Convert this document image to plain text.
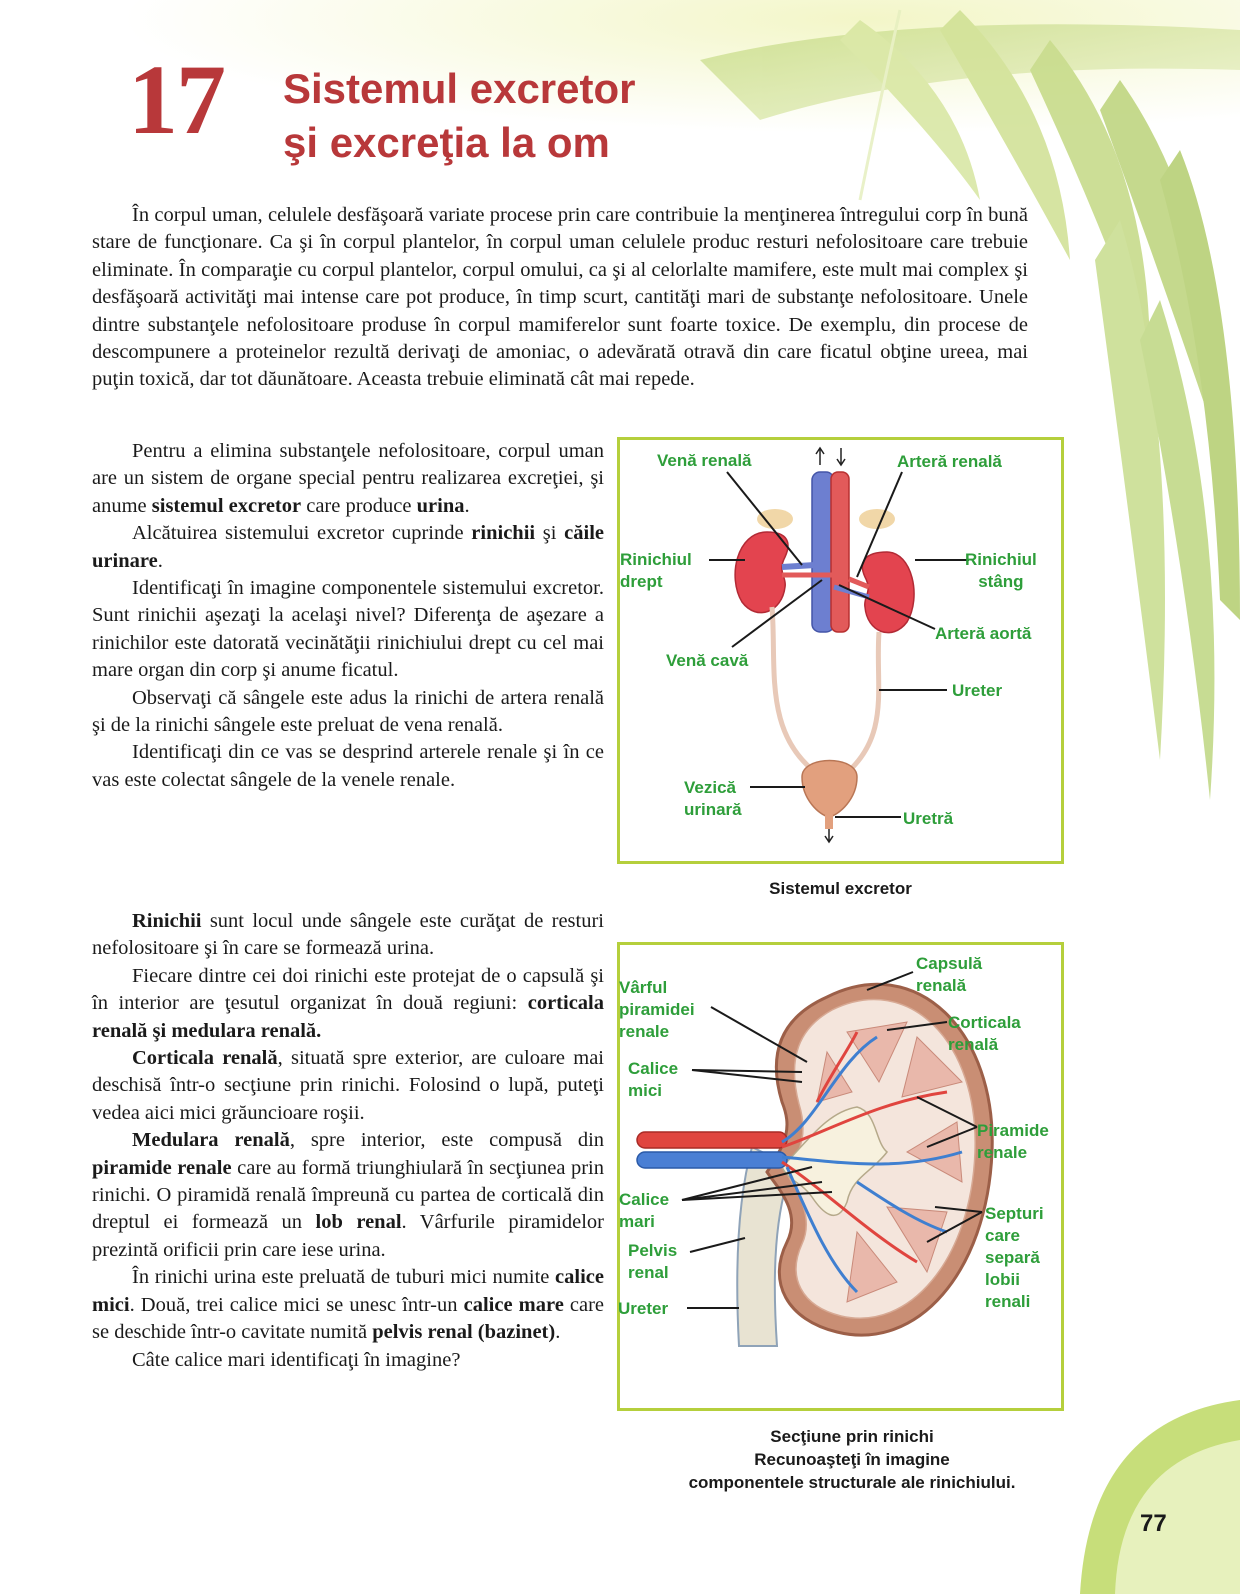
17 Sistemul excretor
şi excreţia la om

În corpul uman, celulele desfăşoară variate procese prin care contribuie la menţinerea întregului corp în bună stare de funcţionare. Ca şi în corpul plantelor, în corpul uman celulele produc resturi nefolositoare care trebuie eliminate. În comparaţie cu corpul plantelor, corpul omului, ca şi al celorlalte mamifere, este mult mai complex şi desfăşoară activităţi mai intense care pot produce, în timp scurt, cantităţi mari de substanţe nefolositoare. Unele dintre substanţele nefolositoare produse în corpul mamiferelor sunt foarte toxice. De exemplu, din procese de descompunere a proteinelor rezultă derivaţi de amoniac, o adevărată otravă din care ficatul obţine ureea, mai puţin toxică, dar tot dăunătoare. Aceasta trebuie eliminată cât mai repede.

Pentru a elimina substanţele nefolositoare, corpul uman are un sistem de organe special pentru realizarea excreţiei, şi anume sistemul excretor care produce urina.

Alcătuirea sistemului excretor cuprinde rinichii şi căile urinare.

Identificaţi în imagine componentele sistemului excretor. Sunt rinichii aşezaţi la acelaşi nivel? Diferenţa de aşezare a rinichilor este datorată vecinătăţii rinichiului drept cu cel mai mare organ din corp şi anume ficatul.

Observaţi că sângele este adus la rinichi de artera renală şi de la rinichi sângele este preluat de vena renală.

Identificaţi din ce vas se desprind arterele renale şi în ce vas este colectat sângele de la venele renale.

Rinichii sunt locul unde sângele este curăţat de resturi nefolositoare şi în care se formează urina.

Fiecare dintre cei doi rinichi este protejat de o capsulă şi în interior are ţesutul organizat în două regiuni: corticala renală şi medulara renală.

Corticala renală, situată spre exterior, are culoare mai deschisă într-o secţiune prin rinichi. Folosind o lupă, puteţi vedea aici mici grăuncioare roşii.

Medulara renală, spre interior, este compusă din piramide renale care au formă triunghiulară în secţiunea prin rinichi. O piramidă renală împreună cu partea de corticală din dreptul ei formează un lob renal. Vârfurile piramidelor prezintă orificii prin care iese urina.

În rinichi urina este preluată de tuburi mici numite calice mici. Două, trei calice mici se unesc într-un calice mare care se deschide într-o cavitate numită pelvis renal (bazinet).

Câte calice mari identificaţi în imagine?

Venă renală	Arteră renală
Rinichiul
drept
Rinichiul
stâng
Arteră aortă
Venă cavă
Ureter
Vezică
urinară	Uretră
Sistemul excretor
Capsulă
renală
Vârful
piramidei
renale	Corticala
renală
Calice
mici
Piramide
renale
Calice
mari	Septuri
care
separă
lobii
renali
Pelvis
renal
Ureter
Secţiune prin rinichi
Recunoaşteţi în imagine
componentele structurale ale rinichiului.
77
